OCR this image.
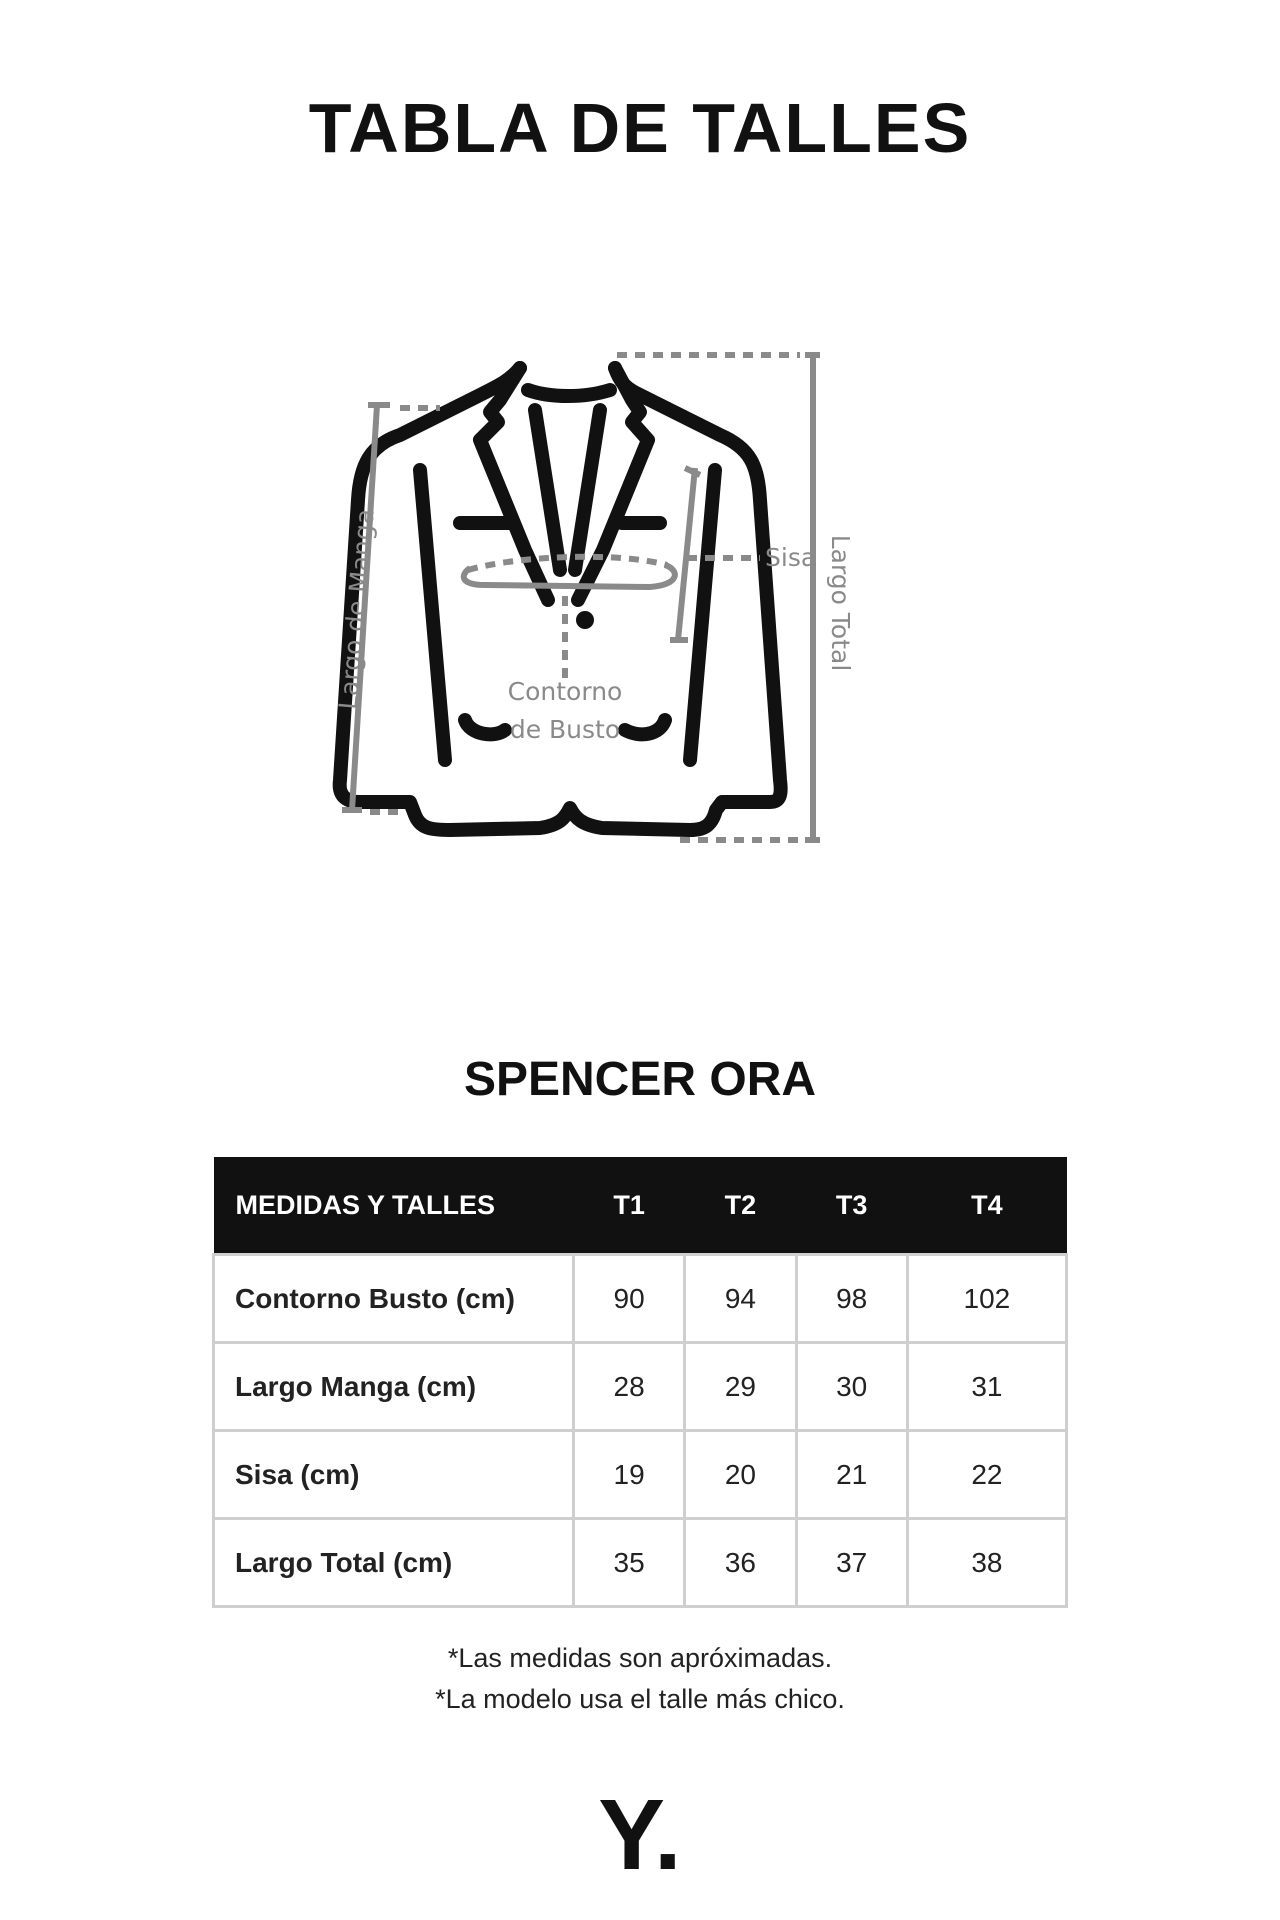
TABLA DE TALLES
Sisa
Contorno
de Busto
Largo de Manga	Largo Total
SPENCER ORA
MEDIDAS Y TALLES	T1	T2	T3	T4
Contorno Busto (cm)	90	94	98	102
Largo Manga (cm)	28	29	30	31
Sisa (cm)	19	20	21	22
Largo Total (cm)	35	36	37	38
*Las medidas son apróximadas.
*La modelo usa el talle más chico.
Y.
